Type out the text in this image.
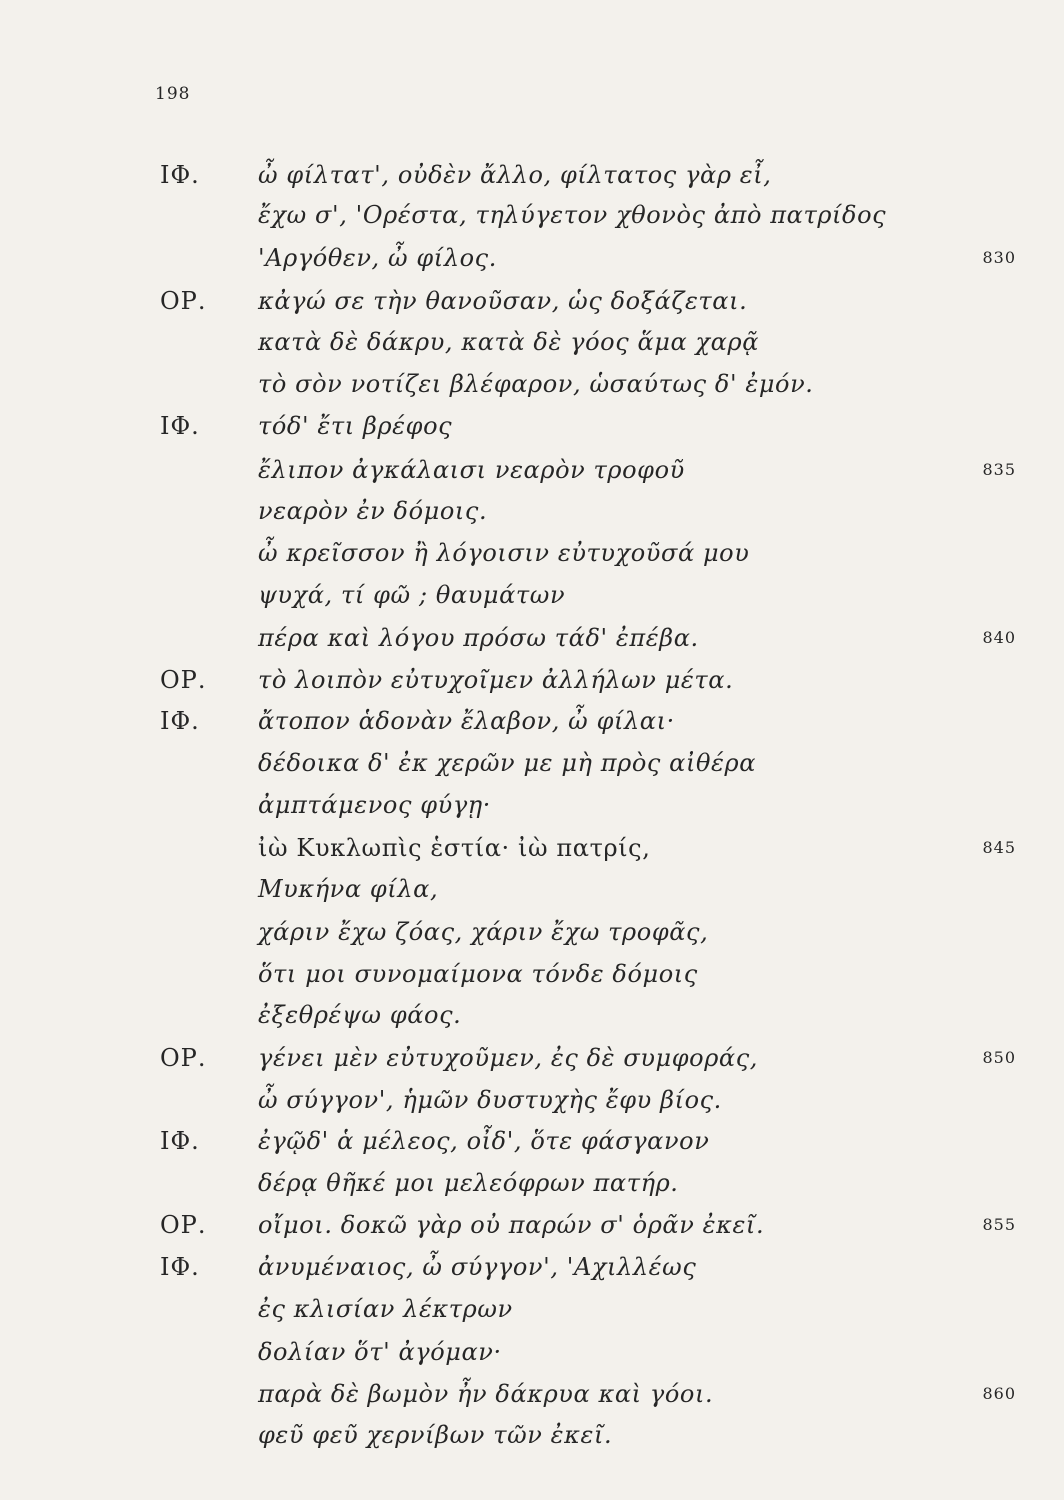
198
ΙΦ. ὦ φίλτατ', οὐδὲν ἄλλο, φίλτατος γὰρ εἶ,
ἔχω σ', 'Ορέστα, τηλύγετον χθονὸς ἀπὸ πατρίδος
'Αργόθεν, ὦ φίλος.	830
ΟΡ. κἀγώ σε τὴν θανοῦσαν, ὡς δοξάζεται.
κατὰ δὲ δάκρυ, κατὰ δὲ γόος ἅμα χαρᾷ
τὸ σὸν νοτίζει βλέφαρον, ὡσαύτως δ' ἐμόν.
ΙΦ. τόδ' ἔτι βρέφος
ἔλιπον ἀγκάλαισι νεαρὸν τροφοῦ	835
νεαρὸν ἐν δόμοις.
ὦ κρεῖσσον ἢ λόγοισιν εὐτυχοῦσά μου
ψυχά, τί φῶ ; θαυμάτων
πέρα καὶ λόγου πρόσω τάδ' ἐπέβα.	840
ΟΡ. τὸ λοιπὸν εὐτυχοῖμεν ἀλλήλων μέτα.
ΙΦ. ἄτοπον ἁδονὰν ἔλαβον, ὦ φίλαι·
δέδοικα δ' ἐκ χερῶν με μὴ πρὸς αἰθέρα
ἀμπτάμενος φύγῃ·
ἰὼ Κυκλωπὶς ἑστία· ἰὼ πατρίς,	845
Μυκήνα φίλα,
χάριν ἔχω ζόας, χάριν ἔχω τροφᾶς,
ὅτι μοι συνομαίμονα τόνδε δόμοις
ἐξεθρέψω φάος.
ΟΡ. γένει μὲν εὐτυχοῦμεν, ἐς δὲ συμφοράς,	850
ὦ σύγγον', ἡμῶν δυστυχὴς ἔφυ βίος.
ΙΦ. ἐγῷδ' ἁ μέλεος, οἶδ', ὅτε φάσγανον
δέρᾳ θῆκέ μοι μελεόφρων πατήρ.
ΟΡ. οἴμοι. δοκῶ γὰρ οὐ παρών σ' ὁρᾶν ἐκεῖ.	855
ΙΦ. ἀνυμέναιος, ὦ σύγγον', 'Αχιλλέως
ἐς κλισίαν λέκτρων
δολίαν ὅτ' ἀγόμαν·
παρὰ δὲ βωμὸν ἦν δάκρυα καὶ γόοι.	860
φεῦ φεῦ χερνίβων τῶν ἐκεῖ.
